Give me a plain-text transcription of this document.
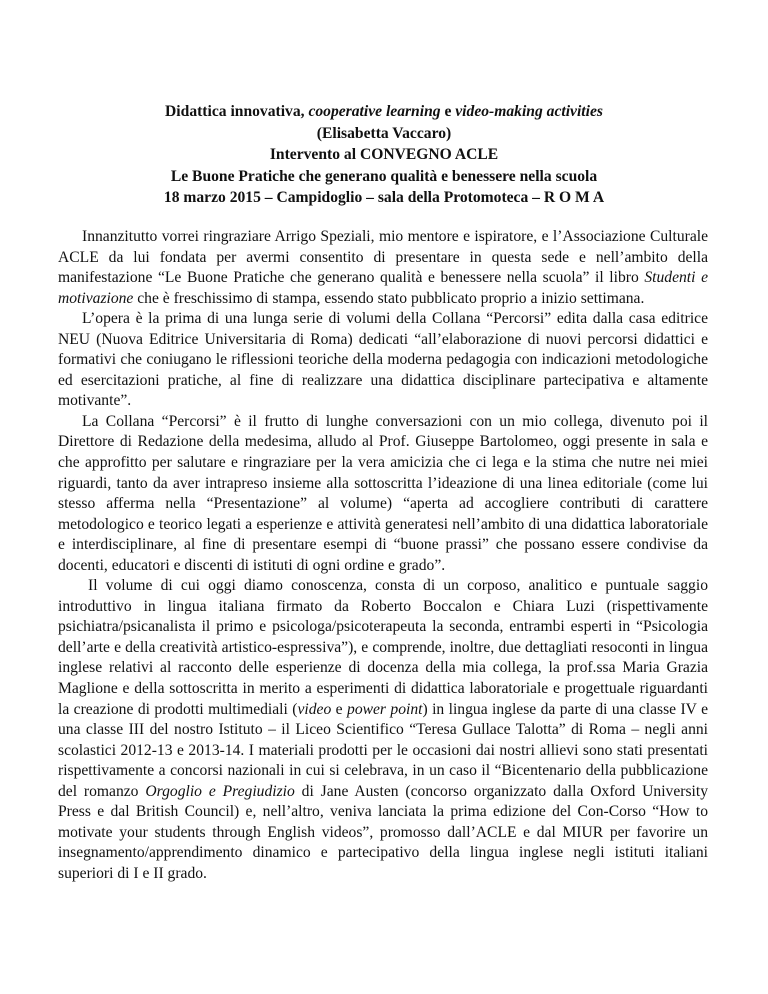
Didattica innovativa, cooperative learning e video-making activities
(Elisabetta Vaccaro)
Intervento al CONVEGNO ACLE
Le Buone Pratiche che generano qualità e benessere nella scuola
18 marzo 2015 – Campidoglio – sala della Protomoteca – R O M A

Innanzitutto vorrei ringraziare Arrigo Speziali, mio mentore e ispiratore, e l’Associazione Culturale ACLE da lui fondata per avermi consentito di presentare in questa sede e nell’ambito della manifestazione “Le Buone Pratiche che generano qualità e benessere nella scuola” il libro Studenti e motivazione che è freschissimo di stampa, essendo stato pubblicato proprio a inizio settimana.

L’opera è la prima di una lunga serie di volumi della Collana “Percorsi” edita dalla casa editrice NEU (Nuova Editrice Universitaria di Roma) dedicati “all’elaborazione di nuovi percorsi didattici e formativi che coniugano le riflessioni teoriche della moderna pedagogia con indicazioni metodologiche ed esercitazioni pratiche, al fine di realizzare una didattica disciplinare partecipativa e altamente motivante”.

La Collana “Percorsi” è il frutto di lunghe conversazioni con un mio collega, divenuto poi il Direttore di Redazione della medesima, alludo al Prof. Giuseppe Bartolomeo, oggi presente in sala e che approfitto per salutare e ringraziare per la vera amicizia che ci lega e la stima che nutre nei miei riguardi, tanto da aver intrapreso insieme alla sottoscritta l’ideazione di una linea editoriale (come lui stesso afferma nella “Presentazione” al volume) “aperta ad accogliere contributi di carattere metodologico e teorico legati a esperienze e attività generatesi nell’ambito di una didattica laboratoriale e interdisciplinare, al fine di presentare esempi di “buone prassi” che possano essere condivise da docenti, educatori e discenti di istituti di ogni ordine e grado”.

Il volume di cui oggi diamo conoscenza, consta di un corposo, analitico e puntuale saggio introduttivo in lingua italiana firmato da Roberto Boccalon e Chiara Luzi (rispettivamente psichiatra/psicanalista il primo e psicologa/psicoterapeuta la seconda, entrambi esperti in “Psicologia dell’arte e della creatività artistico-espressiva”), e comprende, inoltre, due dettagliati resoconti in lingua inglese relativi al racconto delle esperienze di docenza della mia collega, la prof.ssa Maria Grazia Maglione e della sottoscritta in merito a esperimenti di didattica laboratoriale e progettuale riguardanti la creazione di prodotti multimediali (video e power point) in lingua inglese da parte di una classe IV e una classe III del nostro Istituto – il Liceo Scientifico “Teresa Gullace Talotta” di Roma – negli anni scolastici 2012-13 e 2013-14. I materiali prodotti per le occasioni dai nostri allievi sono stati presentati rispettivamente a concorsi nazionali in cui si celebrava, in un caso il “Bicentenario della pubblicazione del romanzo Orgoglio e Pregiudizio di Jane Austen (concorso organizzato dalla Oxford University Press e dal British Council) e, nell’altro, veniva lanciata la prima edizione del Con-Corso “How to motivate your students through English videos”, promosso dall’ACLE e dal MIUR per favorire un insegnamento/apprendimento dinamico e partecipativo della lingua inglese negli istituti italiani superiori di I e II grado.
